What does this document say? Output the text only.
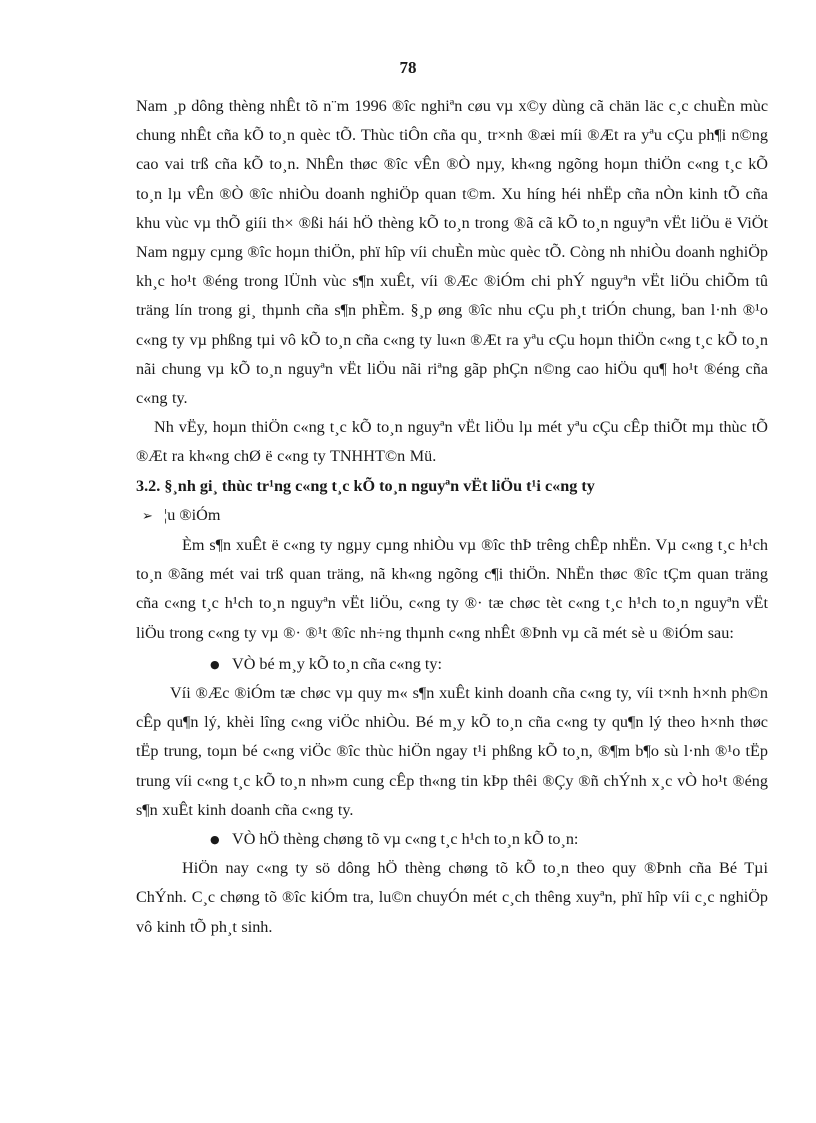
78

Nam ¸p dông thèng nhÊt tõ n¨m 1996 ®îc nghiªn cøu vµ x©y dùng cã chän läc c¸c chuÈn mùc chung nhÊt cña kÕ to¸n quèc tÕ. Thùc tiÔn cña qu¸ tr×nh ®æi míi ®Æt ra yªu cÇu ph¶i n©ng cao vai trß cña kÕ to¸n. NhÊn thøc ®îc vÊn ®Ò nµy, kh«ng ngõng hoµn thiÖn c«ng t¸c kÕ to¸n lµ vÊn ®Ò ®îc nhiÒu doanh nghiÖp quan t©m. Xu híng héi nhËp cña nÒn kinh tÕ cña khu vùc vµ thÕ giíi th× ®ßi hái hÖ thèng kÕ to¸n trong ®ã cã kÕ to¸n nguyªn vËt liÖu ë ViÖt Nam ngµy cµng ®îc hoµn thiÖn, phï hîp víi chuÈn mùc quèc tÕ. Còng nh nhiÒu doanh nghiÖp kh¸c ho¹t ®éng trong lÜnh vùc s¶n xuÊt, víi ®Æc ®iÓm chi phÝ nguyªn vËt liÖu chiÕm tû träng lín trong gi¸ thµnh cña s¶n phÈm. §¸p øng ®îc nhu cÇu ph¸t triÓn chung, ban l·nh ®¹o c«ng ty vµ phßng tµi vô kÕ to¸n cña c«ng ty lu«n ®Æt ra yªu cÇu hoµn thiÖn c«ng t¸c kÕ to¸n nãi chung vµ kÕ to¸n nguyªn vËt liÖu nãi riªng gãp phÇn n©ng cao hiÖu qu¶ ho¹t ®éng cña c«ng ty.

Nh vËy, hoµn thiÖn c«ng t¸c kÕ to¸n nguyªn vËt liÖu lµ mét yªu cÇu cÊp thiÕt mµ thùc tÕ ®Æt ra kh«ng chØ ë c«ng ty TNHHT©n Mü.

3.2. §¸nh gi¸ thùc tr¹ng c«ng t¸c kÕ to¸n nguyªn vËt liÖu t¹i c«ng ty

➢ ¦u ®iÓm

Èm s¶n xuÊt ë c«ng ty ngµy cµng nhiÒu vµ ®îc thÞ trêng chÊp nhËn. Vµ c«ng t¸c h¹ch to¸n ®ãng mét vai trß quan träng, nã kh«ng ngõng c¶i thiÖn. NhËn thøc ®îc tÇm quan träng cña c«ng t¸c h¹ch to¸n nguyªn vËt liÖu, c«ng ty ®· tæ chøc tèt c«ng t¸c h¹ch to¸n nguyªn vËt liÖu trong c«ng ty vµ ®· ®¹t ®îc nh÷ng thµnh c«ng nhÊt ®Þnh vµ cã mét sè u ®iÓm sau:

● VÒ bé m¸y kÕ to¸n cña c«ng ty:

Víi ®Æc ®iÓm tæ chøc vµ quy m« s¶n xuÊt kinh doanh cña c«ng ty, víi t×nh h×nh ph©n cÊp qu¶n lý, khèi lîng c«ng viÖc nhiÒu. Bé m¸y kÕ to¸n cña c«ng ty qu¶n lý theo h×nh thøc tËp trung, toµn bé c«ng viÖc ®îc thùc hiÖn ngay t¹i phßng kÕ to¸n, ®¶m b¶o sù l·nh ®¹o tËp trung víi c«ng t¸c kÕ to¸n nh»m cung cÊp th«ng tin kÞp thêi ®Çy ®ñ chÝnh x¸c vÒ ho¹t ®éng s¶n xuÊt kinh doanh cña c«ng ty.

● VÒ hÖ thèng chøng tõ vµ c«ng t¸c h¹ch to¸n kÕ to¸n:

HiÖn nay c«ng ty sö dông hÖ thèng chøng tõ kÕ to¸n theo quy ®Þnh cña Bé Tµi ChÝnh. C¸c chøng tõ ®îc kiÓm tra, lu©n chuyÓn mét c¸ch thêng xuyªn, phï hîp víi c¸c nghiÖp vô kinh tÕ ph¸t sinh.
